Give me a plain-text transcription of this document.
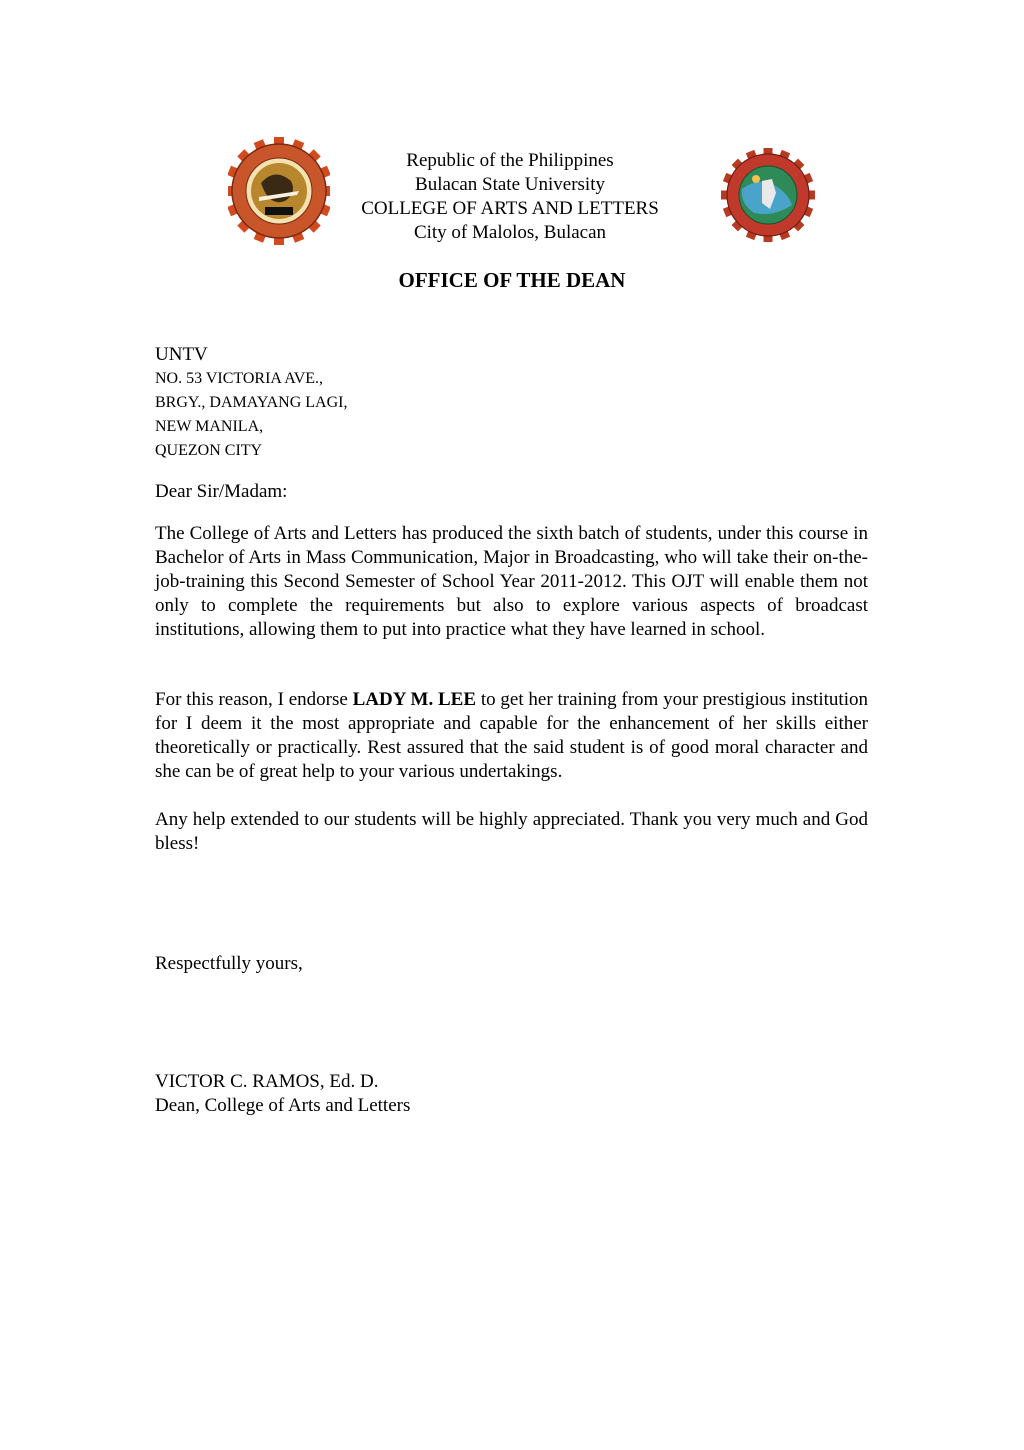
Republic of the Philippines
Bulacan State University
COLLEGE OF ARTS AND LETTERS
City of Malolos, Bulacan
OFFICE OF THE DEAN
UNTV
NO. 53 VICTORIA AVE.,
BRGY., DAMAYANG LAGI,
NEW MANILA,
QUEZON CITY
Dear Sir/Madam:
The College of Arts and Letters has produced the sixth batch of students, under this course in Bachelor of Arts in Mass Communication, Major in Broadcasting, who will take their on-the-job-training this Second Semester of School Year 2011-2012. This OJT will enable them not only to complete the requirements but also to explore various aspects of broadcast institutions, allowing them to put into practice what they have learned in school.
For this reason, I endorse LADY M. LEE to get her training from your prestigious institution for I deem it the most appropriate and capable for the enhancement of her skills either theoretically or practically. Rest assured that the said student is of good moral character and she can be of great help to your various undertakings.
Any help extended to our students will be highly appreciated. Thank you very much and God bless!
Respectfully yours,
VICTOR C. RAMOS, Ed. D.
Dean, College of Arts and Letters
